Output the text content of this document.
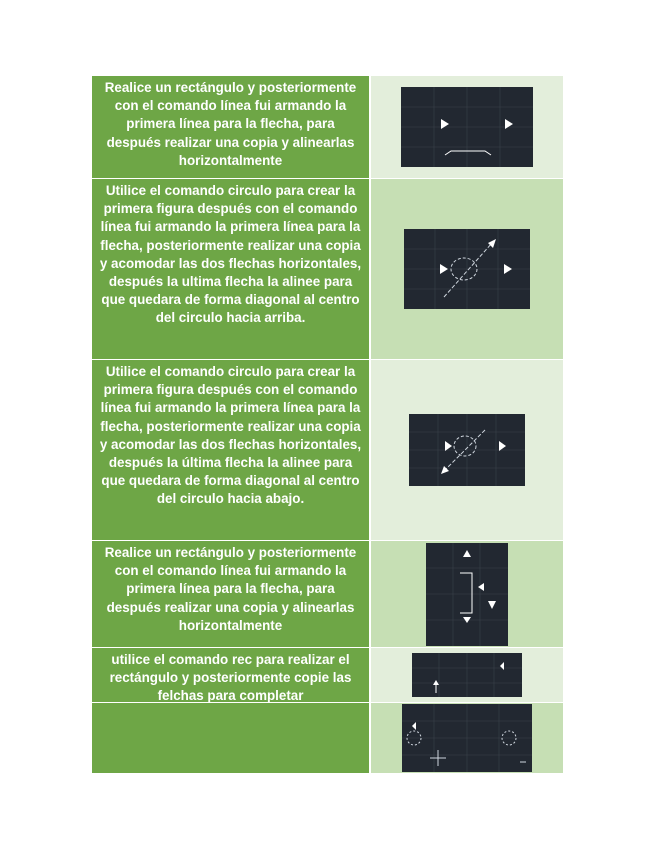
Realice un rectángulo y posteriormente con el comando línea fui armando la primera línea para la flecha, para después realizar una copia y alinearlas horizontalmente
Utilice el comando circulo para crear la primera figura después con el comando línea fui armando la primera línea para la flecha, posteriormente realizar una copia y acomodar las dos flechas horizontales, después la ultima flecha la alinee para que quedara de forma diagonal al centro del circulo hacia arriba.
Utilice el comando circulo para crear la primera figura después con el comando línea fui armando la primera línea para la flecha, posteriormente realizar una copia y acomodar las dos flechas horizontales, después la última flecha la alinee para que quedara de forma diagonal al centro del circulo hacia abajo.
Realice un rectángulo y posteriormente con el comando línea fui armando la primera línea para la flecha, para después realizar una copia y alinearlas horizontalmente
utilice el comando rec para realizar el rectángulo y posteriormente copie las felchas para completar
